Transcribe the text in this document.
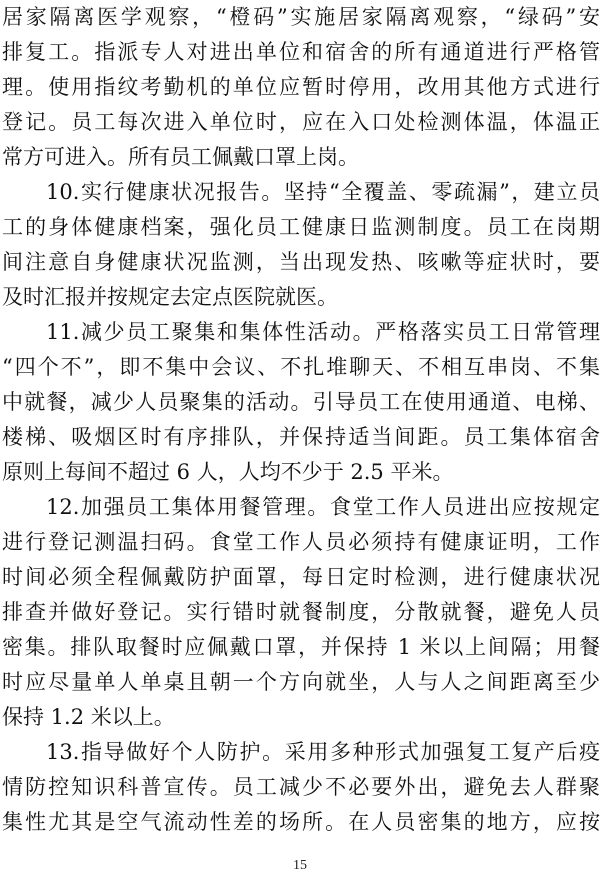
居家隔离医学观察，“橙码”实施居家隔离观察，“绿码”安
排复工。指派专人对进出单位和宿舍的所有通道进行严格管
理。使用指纹考勤机的单位应暂时停用，改用其他方式进行
登记。员工每次进入单位时，应在入口处检测体温，体温正
常方可进入。所有员工佩戴口罩上岗。
10.实行健康状况报告。坚持“全覆盖、零疏漏”，建立员
工的身体健康档案，强化员工健康日监测制度。员工在岗期
间注意自身健康状况监测，当出现发热、咳嗽等症状时，要
及时汇报并按规定去定点医院就医。
11.减少员工聚集和集体性活动。严格落实员工日常管理
“四个不”，即不集中会议、不扎堆聊天、不相互串岗、不集
中就餐，减少人员聚集的活动。引导员工在使用通道、电梯、
楼梯、吸烟区时有序排队，并保持适当间距。员工集体宿舍
原则上每间不超过 6 人，人均不少于 2.5 平米。
12.加强员工集体用餐管理。食堂工作人员进出应按规定
进行登记测温扫码。食堂工作人员必须持有健康证明，工作
时间必须全程佩戴防护面罩，每日定时检测，进行健康状况
排查并做好登记。实行错时就餐制度，分散就餐，避免人员
密集。排队取餐时应佩戴口罩，并保持 1 米以上间隔；用餐
时应尽量单人单桌且朝一个方向就坐，人与人之间距离至少
保持 1.2 米以上。
13.指导做好个人防护。采用多种形式加强复工复产后疫
情防控知识科普宣传。员工减少不必要外出，避免去人群聚
集性尤其是空气流动性差的场所。在人员密集的地方，应按
15
